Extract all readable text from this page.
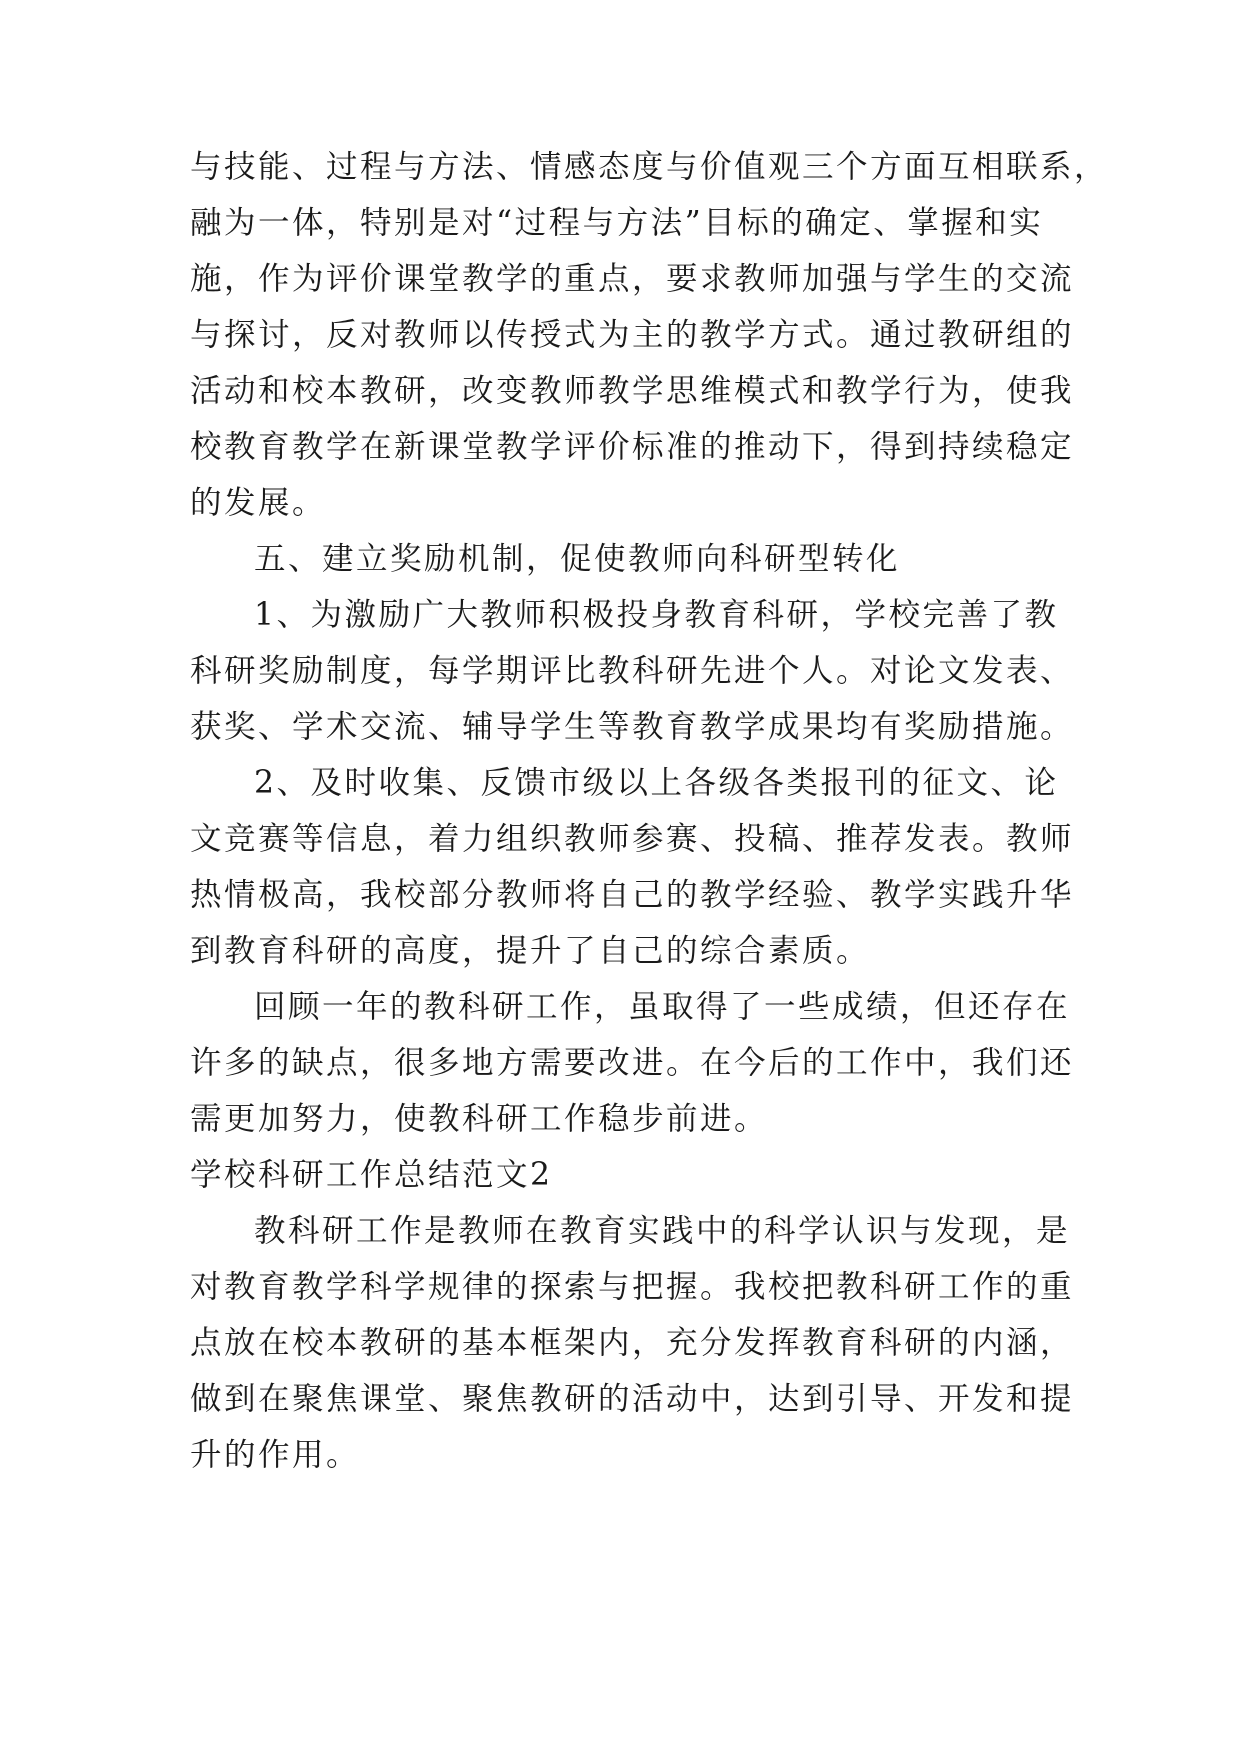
与技能、过程与方法、情感态度与价值观三个方面互相联系，
融为一体，特别是对“过程与方法”目标的确定、掌握和实
施，作为评价课堂教学的重点，要求教师加强与学生的交流
与探讨，反对教师以传授式为主的教学方式。通过教研组的
活动和校本教研，改变教师教学思维模式和教学行为，使我
校教育教学在新课堂教学评价标准的推动下，得到持续稳定
的发展。
五、建立奖励机制，促使教师向科研型转化
1、为激励广大教师积极投身教育科研，学校完善了教
科研奖励制度，每学期评比教科研先进个人。对论文发表、
获奖、学术交流、辅导学生等教育教学成果均有奖励措施。
2、及时收集、反馈市级以上各级各类报刊的征文、论
文竞赛等信息，着力组织教师参赛、投稿、推荐发表。教师
热情极高，我校部分教师将自己的教学经验、教学实践升华
到教育科研的高度，提升了自己的综合素质。
回顾一年的教科研工作，虽取得了一些成绩，但还存在
许多的缺点，很多地方需要改进。在今后的工作中，我们还
需更加努力，使教科研工作稳步前进。
学校科研工作总结范文2
教科研工作是教师在教育实践中的科学认识与发现，是
对教育教学科学规律的探索与把握。我校把教科研工作的重
点放在校本教研的基本框架内，充分发挥教育科研的内涵，
做到在聚焦课堂、聚焦教研的活动中，达到引导、开发和提
升的作用。
